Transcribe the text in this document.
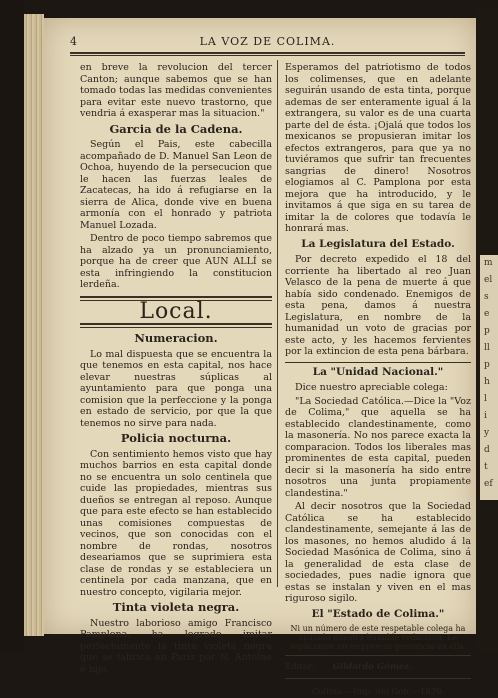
m
el
s
e
p
ll
p
h
l
i
y
d
t
ef
4	LA VOZ DE COLIMA.

en breve la revolucion del tercer Canton; aunque sabemos que se han tomado todas las medidas convenientes para evitar este nuevo trastorno, que vendria á exasperar mas la situacion."

Garcia de la Cadena.

Según el Pais, este cabecilla acompañado de D. Manuel San Leon de Ochoa, huyendo de la persecucion que le hacen las fuerzas leales de Zacatecas, ha ido á refugiarse en la sierra de Alica, donde vive en buena armonía con el honrado y patriota Manuel Lozada.

Dentro de poco tiempo sabremos que ha alzado ya un pronunciamiento, porque ha de creer que AUN ALLÍ se esta infringiendo la constitucion lerdeña.

Local.
Numeracion.

Lo mal dispuesta que se encuentra la que tenemos en esta capital, nos hace elevar nuestras súplicas al ayuntamiento para que ponga una comision que la perfeccione y la ponga en estado de servicio, por que la que tenemos no sirve para nada.

Policia nocturna.

Con sentimiento hemos visto que hay muchos barrios en esta capital donde no se encuentra un solo centinela que cuide las propiedades, mientras sus dueños se entregan al reposo. Aunque que para este efecto se han establecido unas comisiones compuestas de vecinos, que son conocidas con el nombre de rondas, nosotros deseariamos que se suprimiera esta clase de rondas y se estableciera un centinela por cada manzana, que en nuestro concepto, vigilaria mejor.

Tinta violeta negra.

Nuestro laborioso amigo Francisco Pamplona, ha logrado imitar perfectamente la tinta violeta negra que se fabrica en Paris por N. Antoine é hijo.

Esperamos del patriotismo de todos los colimenses, que en adelante seguirán usando de esta tinta, porque ademas de ser enteramente igual á la extrangera, su valor es de una cuarta parte del de ésta. ¡Ojalá que todos los mexicanos se propusieran imitar los efectos extrangeros, para que ya no tuviéramos que sufrir tan frecuentes sangrias de dinero! Nosotros elogiamos al C. Pamplona por esta mejora que ha introducido, y le invitamos á que siga en su tarea de imitar la de colores que todavía le honrará mas.

La Legislatura del Estado.

Por decreto expedido el 18 del corriente ha libertado al reo Juan Velasco de la pena de muerte á que había sido condenado. Enemigos de esta pena, damos á nuestra Legislatura, en nombre de la humanidad un voto de gracias por este acto, y les hacemos fervientes por la extincion de esta pena bárbara.

La "Unidad Nacional."

Dice nuestro apreciable colega:

"La Sociedad Católica.—Dice la "Voz de Colima," que aquella se ha establecido clandestinamente, como la masonería. No nos parece exacta la comparacion. Todos los liberales mas prominentes de esta capital, pueden decir si la masonería ha sido entre nosotros una junta propiamente clandestina."

Al decir nosotros que la Sociedad Católica se ha establecido clandestinamente, semejante á las de los masones, no hemos aludido á la Sociedad Masónica de Colima, sino á la generalidad de esta clase de sociedades, pues nadie ignora que estas se instalan y viven en el mas riguroso sigilo.

El "Estado de Colima."

Ni un número de este respetable colega ha visitado nuestra humilde redaccion. Le suplicamos no esquive su presencia en ella.

Editor: Gildardo Gómez.
Colima.—Imp. del Gob.—1870.
